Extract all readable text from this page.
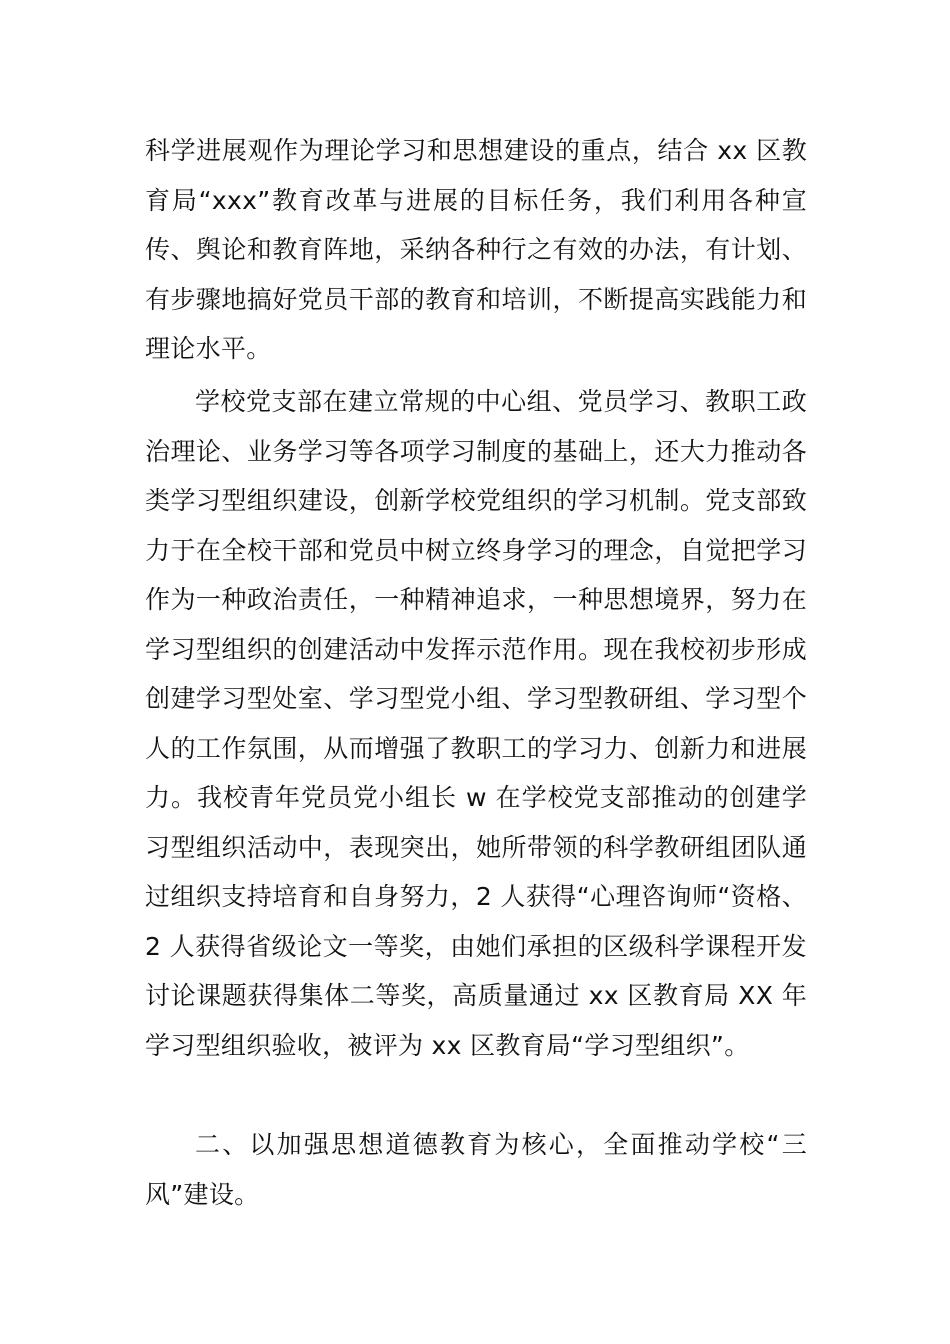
科学进展观作为理论学习和思想建设的重点，结合 xx 区教育局“xxx”教育改革与进展的目标任务，我们利用各种宣传、舆论和教育阵地，采纳各种行之有效的办法，有计划、有步骤地搞好党员干部的教育和培训，不断提高实践能力和理论水平。

学校党支部在建立常规的中心组、党员学习、教职工政治理论、业务学习等各项学习制度的基础上，还大力推动各类学习型组织建设，创新学校党组织的学习机制。党支部致力于在全校干部和党员中树立终身学习的理念，自觉把学习作为一种政治责任，一种精神追求，一种思想境界，努力在学习型组织的创建活动中发挥示范作用。现在我校初步形成创建学习型处室、学习型党小组、学习型教研组、学习型个人的工作氛围，从而增强了教职工的学习力、创新力和进展力。我校青年党员党小组长 w 在学校党支部推动的创建学习型组织活动中，表现突出，她所带领的科学教研组团队通过组织支持培育和自身努力，2 人获得“心理咨询师“资格、2 人获得省级论文一等奖，由她们承担的区级科学课程开发讨论课题获得集体二等奖，高质量通过 xx 区教育局 XX 年学习型组织验收，被评为 xx 区教育局“学习型组织”。

二、以加强思想道德教育为核心，全面推动学校“三风”建设。
